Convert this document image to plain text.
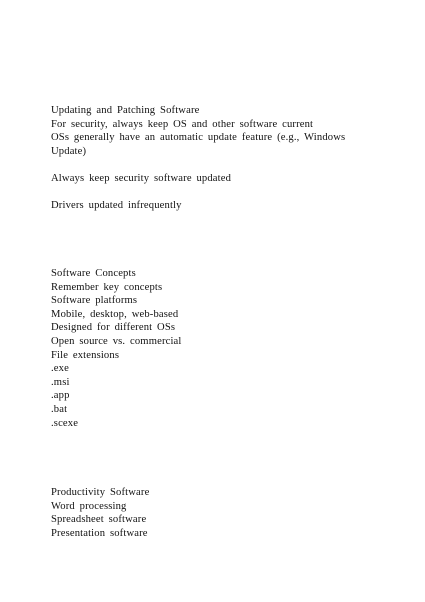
Updating and Patching Software
For security, always keep OS and other software current
OSs generally have an automatic update feature (e.g., Windows
Update)
Always keep security software updated
Drivers updated infrequently
Software Concepts
Remember key concepts
Software platforms
Mobile, desktop, web-based
Designed for different OSs
Open source vs. commercial
File extensions
.exe
.msi
.app
.bat
.scexe
Productivity Software
Word processing
Spreadsheet software
Presentation software
